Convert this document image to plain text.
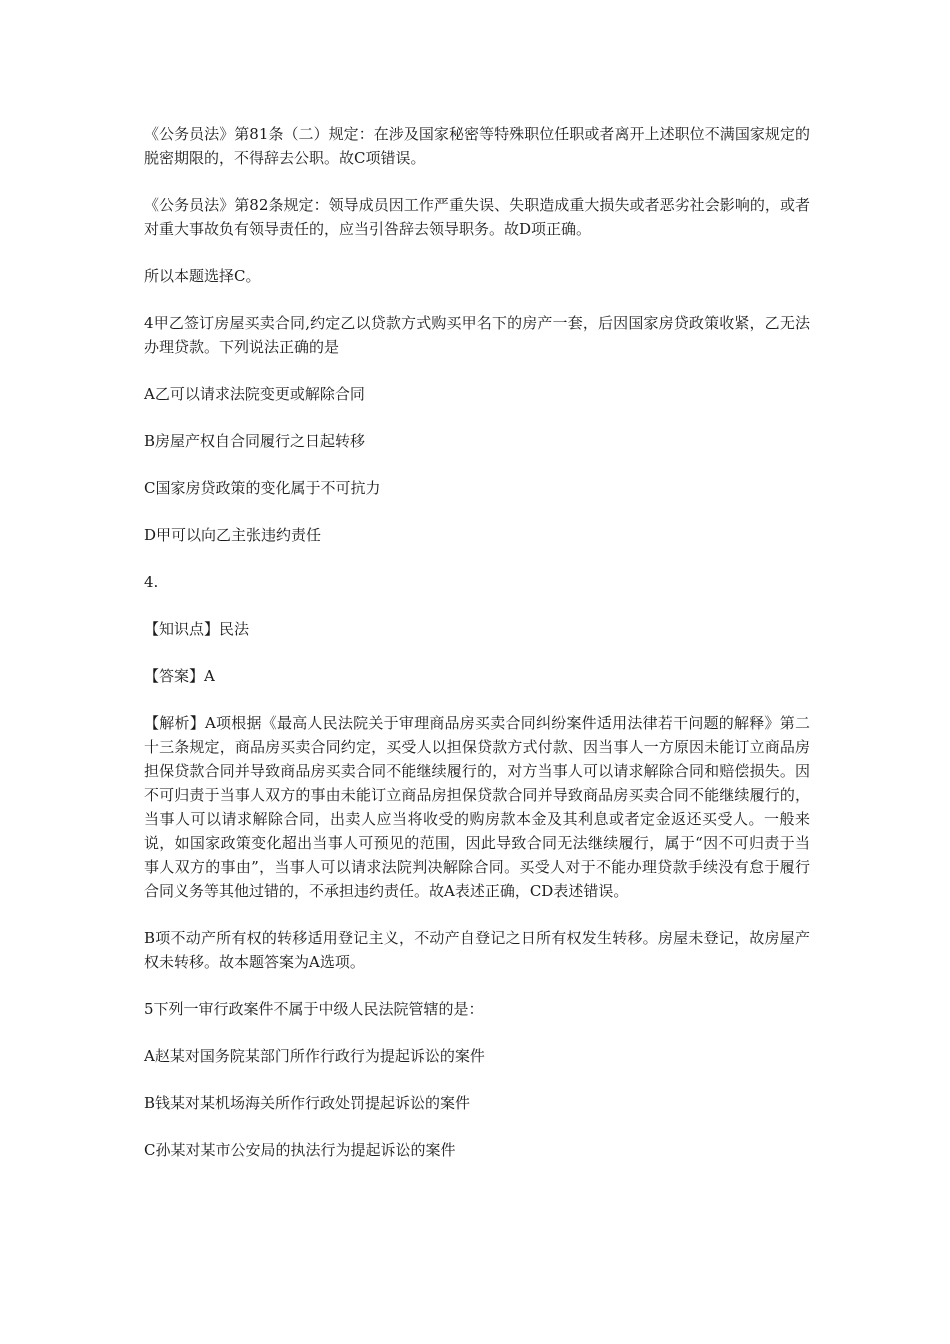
《公务员法》第81条（二）规定：在涉及国家秘密等特殊职位任职或者离开上述职位不满国家规定的脱密期限的，不得辞去公职。故C项错误。

《公务员法》第82条规定：领导成员因工作严重失误、失职造成重大损失或者恶劣社会影响的，或者对重大事故负有领导责任的，应当引咎辞去领导职务。故D项正确。

所以本题选择C。

4甲乙签订房屋买卖合同,约定乙以贷款方式购买甲名下的房产一套，后因国家房贷政策收紧，乙无法办理贷款。下列说法正确的是

A乙可以请求法院变更或解除合同

B房屋产权自合同履行之日起转移

C国家房贷政策的变化属于不可抗力

D甲可以向乙主张违约责任

4.

【知识点】民法

【答案】A

【解析】A项根据《最高人民法院关于审理商品房买卖合同纠纷案件适用法律若干问题的解释》第二十三条规定，商品房买卖合同约定，买受人以担保贷款方式付款、因当事人一方原因未能订立商品房担保贷款合同并导致商品房买卖合同不能继续履行的，对方当事人可以请求解除合同和赔偿损失。因不可归责于当事人双方的事由未能订立商品房担保贷款合同并导致商品房买卖合同不能继续履行的，当事人可以请求解除合同，出卖人应当将收受的购房款本金及其利息或者定金返还买受人。一般来说，如国家政策变化超出当事人可预见的范围，因此导致合同无法继续履行，属于“因不可归责于当事人双方的事由”，当事人可以请求法院判决解除合同。买受人对于不能办理贷款手续没有怠于履行合同义务等其他过错的，不承担违约责任。故A表述正确，CD表述错误。

B项不动产所有权的转移适用登记主义，不动产自登记之日所有权发生转移。房屋未登记，故房屋产权未转移。故本题答案为A选项。

5下列一审行政案件不属于中级人民法院管辖的是：

A赵某对国务院某部门所作行政行为提起诉讼的案件

B钱某对某机场海关所作行政处罚提起诉讼的案件

C孙某对某市公安局的执法行为提起诉讼的案件
